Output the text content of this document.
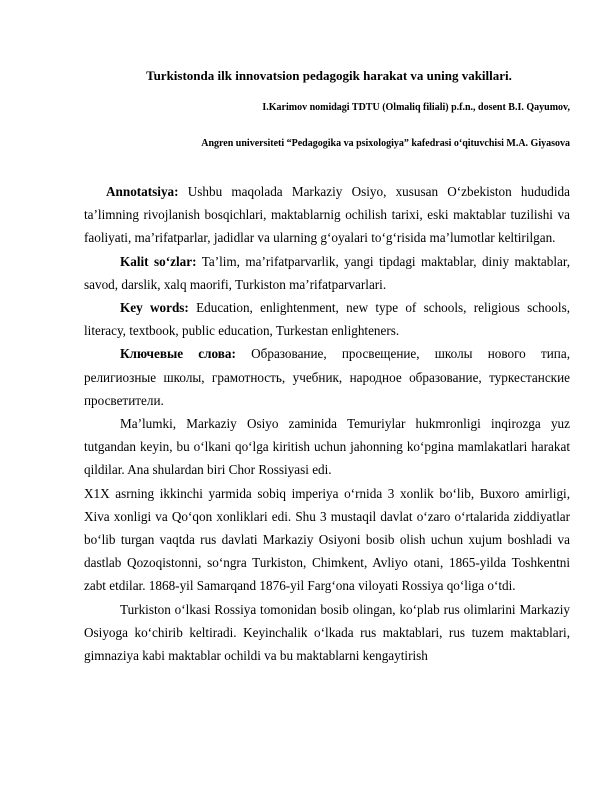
Turkistonda ilk innovatsion pedagogik harakat va uning vakillari.
I.Karimov nomidagi TDTU (Olmaliq filiali) p.f.n., dosent B.I. Qayumov,
Angren universiteti “Pedagogika va psixologiya” kafedrasi o‘qituvchisi M.A. Giyasova

Annotatsiya: Ushbu maqolada Markaziy Osiyo, xususan O‘zbekiston hududida ta’limning rivojlanish bosqichlari, maktablarnig ochilish tarixi, eski maktablar tuzilishi va faoliyati, ma’rifatparlar, jadidlar va ularning g‘oyalari to‘g‘risida ma’lumotlar keltirilgan.

Kalit so‘zlar: Ta’lim, ma’rifatparvarlik, yangi tipdagi maktablar, diniy maktablar, savod, darslik, xalq maorifi, Turkiston ma’rifatparvarlari.

Key words: Education, enlightenment, new type of schools, religious schools, literacy, textbook, public education, Turkestan enlighteners.

Ключевые слова: Образование, просвещение, школы нового типа, религиозные школы, грамотность, учебник, народное образование, туркестанские просветители.

Ma’lumki, Markaziy Osiyo zaminida Temuriylar hukmronligi inqirozga yuz tutgandan keyin, bu o‘lkani qo‘lga kiritish uchun jahonning ko‘pgina mamlakatlari harakat qildilar. Ana shulardan biri Chor Rossiyasi edi.

X1X asrning ikkinchi yarmida sobiq imperiya o‘rnida 3 xonlik bo‘lib, Buxoro amirligi, Xiva xonligi va Qo‘qon xonliklari edi. Shu 3 mustaqil davlat o‘zaro o‘rtalarida ziddiyatlar bo‘lib turgan vaqtda rus davlati Markaziy Osiyoni bosib olish uchun xujum boshladi va dastlab Qozoqistonni, so‘ngra Turkiston, Chimkent, Avliyo otani, 1865-yilda Toshkentni zabt etdilar. 1868-yil Samarqand 1876-yil Farg‘ona viloyati Rossiya qo‘liga o‘tdi.

Turkiston o‘lkasi Rossiya tomonidan bosib olingan, ko‘plab rus olimlarini Markaziy Osiyoga ko‘chirib keltiradi. Keyinchalik o‘lkada rus maktablari, rus tuzem maktablari, gimnaziya kabi maktablar ochildi va bu maktablarni kengaytirish
